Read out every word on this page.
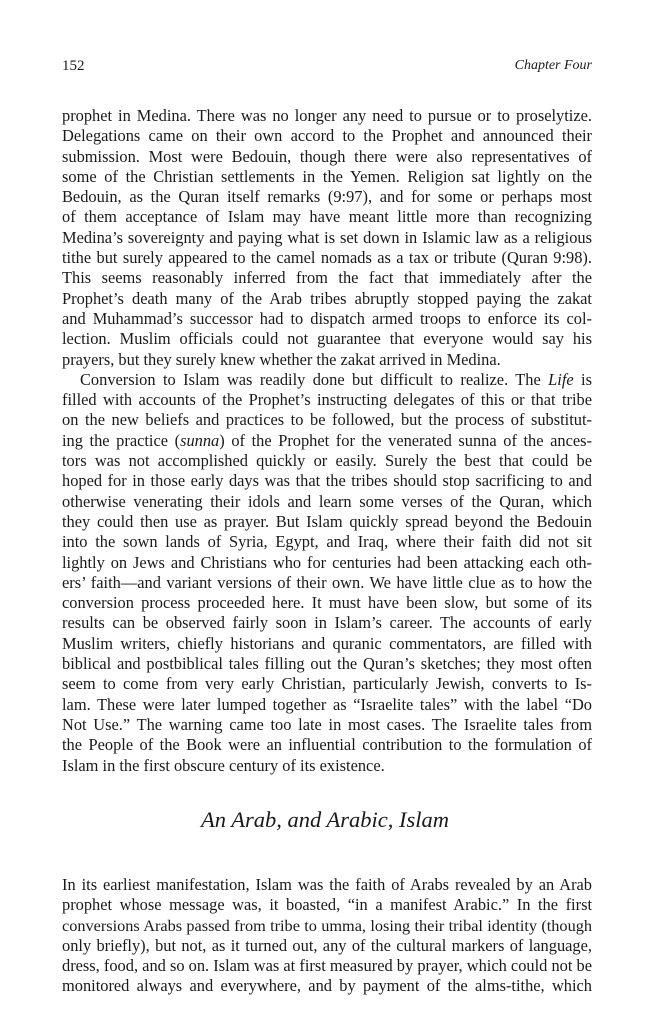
152	Chapter Four
prophet in Medina. There was no longer any need to pursue or to proselytize.
Delegations came on their own accord to the Prophet and announced their
submission. Most were Bedouin, though there were also representatives of
some of the Christian settlements in the Yemen. Religion sat lightly on the
Bedouin, as the Quran itself remarks (9:97), and for some or perhaps most
of them acceptance of Islam may have meant little more than recognizing
Medina’s sovereignty and paying what is set down in Islamic law as a religious
tithe but surely appeared to the camel nomads as a tax or tribute (Quran 9:98).
This seems reasonably inferred from the fact that immediately after the
Prophet’s death many of the Arab tribes abruptly stopped paying the zakat
and Muhammad’s successor had to dispatch armed troops to enforce its col-
lection. Muslim officials could not guarantee that everyone would say his
prayers, but they surely knew whether the zakat arrived in Medina.
Conversion to Islam was readily done but difficult to realize. The Life is
filled with accounts of the Prophet’s instructing delegates of this or that tribe
on the new beliefs and practices to be followed, but the process of substitut-
ing the practice (sunna) of the Prophet for the venerated sunna of the ances-
tors was not accomplished quickly or easily. Surely the best that could be
hoped for in those early days was that the tribes should stop sacrificing to and
otherwise venerating their idols and learn some verses of the Quran, which
they could then use as prayer. But Islam quickly spread beyond the Bedouin
into the sown lands of Syria, Egypt, and Iraq, where their faith did not sit
lightly on Jews and Christians who for centuries had been attacking each oth-
ers’ faith—and variant versions of their own. We have little clue as to how the
conversion process proceeded here. It must have been slow, but some of its
results can be observed fairly soon in Islam’s career. The accounts of early
Muslim writers, chiefly historians and quranic commentators, are filled with
biblical and postbiblical tales filling out the Quran’s sketches; they most often
seem to come from very early Christian, particularly Jewish, converts to Is-
lam. These were later lumped together as “Israelite tales” with the label “Do
Not Use.” The warning came too late in most cases. The Israelite tales from
the People of the Book were an influential contribution to the formulation of
Islam in the first obscure century of its existence.
An Arab, and Arabic, Islam
In its earliest manifestation, Islam was the faith of Arabs revealed by an Arab
prophet whose message was, it boasted, “in a manifest Arabic.” In the first
conversions Arabs passed from tribe to umma, losing their tribal identity (though
only briefly), but not, as it turned out, any of the cultural markers of language,
dress, food, and so on. Islam was at first measured by prayer, which could not be
monitored always and everywhere, and by payment of the alms-tithe, which
